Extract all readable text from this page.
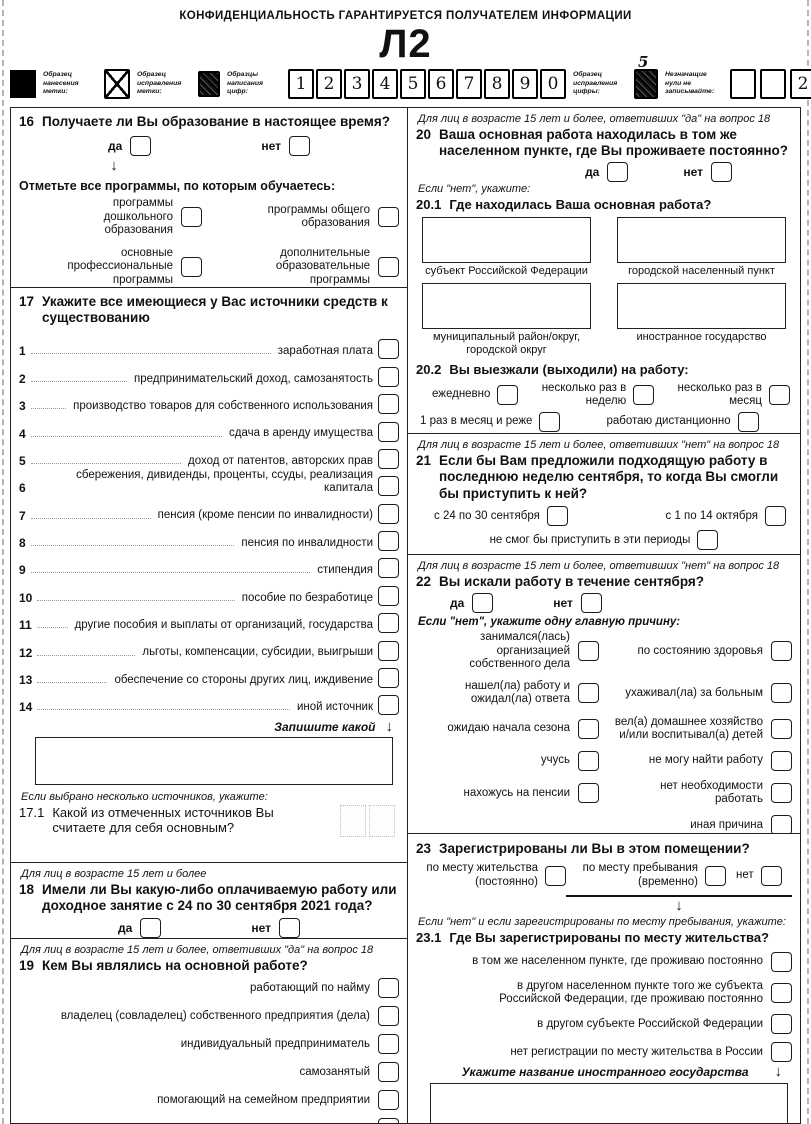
КОНФИДЕНЦИАЛЬНОСТЬ ГАРАНТИРУЕТСЯ ПОЛУЧАТЕЛЕМ ИНФОРМАЦИИ
Л2
Образец нанесения метки:
Образец исправления метки:
Образцы написания цифр:	1	2	3	4	5	6	7	8	9	0	Образец исправления цифры:
5
Незначащие нули не записывайте:	2
16 Получаете ли Вы образование в настоящее время?
да	нет
↓
Отметьте все программы, по которым обучаетесь:
программы дошкольного образования
программы общего образования
основные профессиональные программы
дополнительные образовательные программы
17 Укажите все имеющиеся у Вас источники средств к существованию
1	заработная плата
2	предпринимательский доход, самозанятость
3	производство товаров для собственного использования
4	сдача в аренду имущества
5	доход от патентов, авторских прав
6
сбережения, дивиденды, проценты, ссуды, реализация капитала
7	пенсия (кроме пенсии по инвалидности)
8	пенсия по инвалидности
9	стипендия
10	пособие по безработице
11	другие пособия и выплаты от организаций, государства
12	льготы, компенсации, субсидии, выигрыши
13	обеспечение со стороны других лиц, иждивение
14	иной источник
Запишите какой ↓
Если выбрано несколько источников, укажите:
17.1 Какой из отмеченных источников Вы считаете для себя основным?
Для лиц в возрасте 15 лет и более
18 Имели ли Вы какую-либо оплачиваемую работу или доходное занятие с 24 по 30 сентября 2021 года?
да	нет
Для лиц в возрасте 15 лет и более, ответивших "да" на вопрос 18
19 Кем Вы являлись на основной работе?
работающий по найму
владелец (совладелец) собственного предприятия (дела)
индивидуальный предприниматель
самозанятый
помогающий на семейном предприятии
Для лиц в возрасте 15 лет и более, ответивших "да" на вопрос 18
20 Ваша основная работа находилась в том же населенном пункте, где Вы проживаете постоянно?
да	нет
Если "нет", укажите:
20.1 Где находилась Ваша основная работа?
субъект Российской Федерации	городской населенный пункт
муниципальный район/округ, городской округ
иностранное государство
20.2 Вы выезжали (выходили) на работу:
ежедневно
несколько раз в неделю
несколько раз в месяц
1 раз в месяц и реже	работаю дистанционно
Для лиц в возрасте 15 лет и более, ответивших "нет" на вопрос 18
21 Если бы Вам предложили подходящую работу в последнюю неделю сентября, то когда Вы смогли бы приступить к ней?
с 24 по 30 сентября	с 1 по 14 октября
не смог бы приступить в эти периоды
Для лиц в возрасте 15 лет и более, ответивших "нет" на вопрос 18
22 Вы искали работу в течение сентября?
да	нет
Если "нет", укажите одну главную причину:
занимался(лась) организацией собственного дела
по состоянию здоровья
нашел(ла) работу и ожидал(ла) ответа
ухаживал(ла) за больным
ожидаю начала сезона
вел(а) домашнее хозяйство и/или воспитывал(а) детей
учусь	не могу найти работу
нахожусь на пенсии
нет необходимости работать
иная причина
23 Зарегистрированы ли Вы в этом помещении?
по месту жительства (постоянно)
по месту пребывания (временно)
нет
↓
Если "нет" и если зарегистрированы по месту пребывания, укажите:
23.1 Где Вы зарегистрированы по месту жительства?
в том же населенном пункте, где проживаю постоянно
в другом населенном пункте того же субъекта Российской Федерации, где проживаю постоянно
в другом субъекте Российской Федерации
нет регистрации по месту жительства в России
Укажите название иностранного государства ↓
